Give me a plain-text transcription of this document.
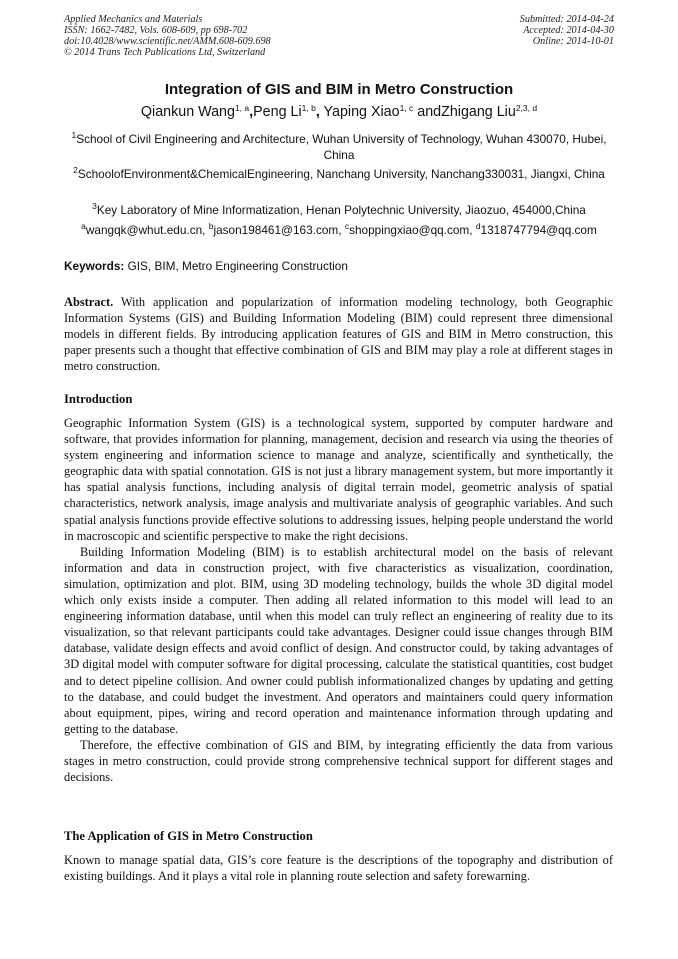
Applied Mechanics and Materials
ISSN: 1662-7482, Vols. 608-609, pp 698-702
doi:10.4028/www.scientific.net/AMM.608-609.698
© 2014 Trans Tech Publications Ltd, Switzerland
Submitted: 2014-04-24
Accepted: 2014-04-30
Online: 2014-10-01
Integration of GIS and BIM in Metro Construction
Qiankun Wang$^{1, a}$,Peng Li$^{1, b}$, Yaping Xiao$^{1, c}$ andZhigang Liu$^{2,3, d}$
$^1$School of Civil Engineering and Architecture, Wuhan University of Technology, Wuhan 430070, Hubei, China
$^2$SchoolofEnvironment&ChemicalEngineering, Nanchang University, Nanchang330031, Jiangxi, China
$^3$Key Laboratory of Mine Informatization, Henan Polytechnic University, Jiaozuo, 454000,China
$^a$wangqk@whut.edu.cn, $^b$jason198461@163.com, $^c$shoppingxiao@qq.com, $^d$1318747794@qq.com
Keywords: GIS, BIM, Metro Engineering Construction

Abstract. With application and popularization of information modeling technology, both Geographic Information Systems (GIS) and Building Information Modeling (BIM) could represent three dimensional models in different fields. By introducing application features of GIS and BIM in Metro construction, this paper presents such a thought that effective combination of GIS and BIM may play a role at different stages in metro construction.

Introduction

Geographic Information System (GIS) is a technological system, supported by computer hardware and software, that provides information for planning, management, decision and research via using the theories of system engineering and information science to manage and analyze, scientifically and synthetically, the geographic data with spatial connotation. GIS is not just a library management system, but more importantly it has spatial analysis functions, including analysis of digital terrain model, geometric analysis of spatial characteristics, network analysis, image analysis and multivariate analysis of geographic variables. And such spatial analysis functions provide effective solutions to addressing issues, helping people understand the world in macroscopic and scientific perspective to make the right decisions.

Building Information Modeling (BIM) is to establish architectural model on the basis of relevant information and data in construction project, with five characteristics as visualization, coordination, simulation, optimization and plot. BIM, using 3D modeling technology, builds the whole 3D digital model which only exists inside a computer. Then adding all related information to this model will lead to an engineering information database, until when this model can truly reflect an engineering of reality due to its visualization, so that relevant participants could take advantages. Designer could issue changes through BIM database, validate design effects and avoid conflict of design. And constructor could, by taking advantages of 3D digital model with computer software for digital processing, calculate the statistical quantities, cost budget and to detect pipeline collision. And owner could publish informationalized changes by updating and getting to the database, and could budget the investment. And operators and maintainers could query information about equipment, pipes, wiring and record operation and maintenance information through updating and getting to the database.

Therefore, the effective combination of GIS and BIM, by integrating efficiently the data from various stages in metro construction, could provide strong comprehensive technical support for different stages and decisions.

The Application of GIS in Metro Construction

Known to manage spatial data, GIS’s core feature is the descriptions of the topography and distribution of existing buildings. And it plays a vital role in planning route selection and safety forewarning.
